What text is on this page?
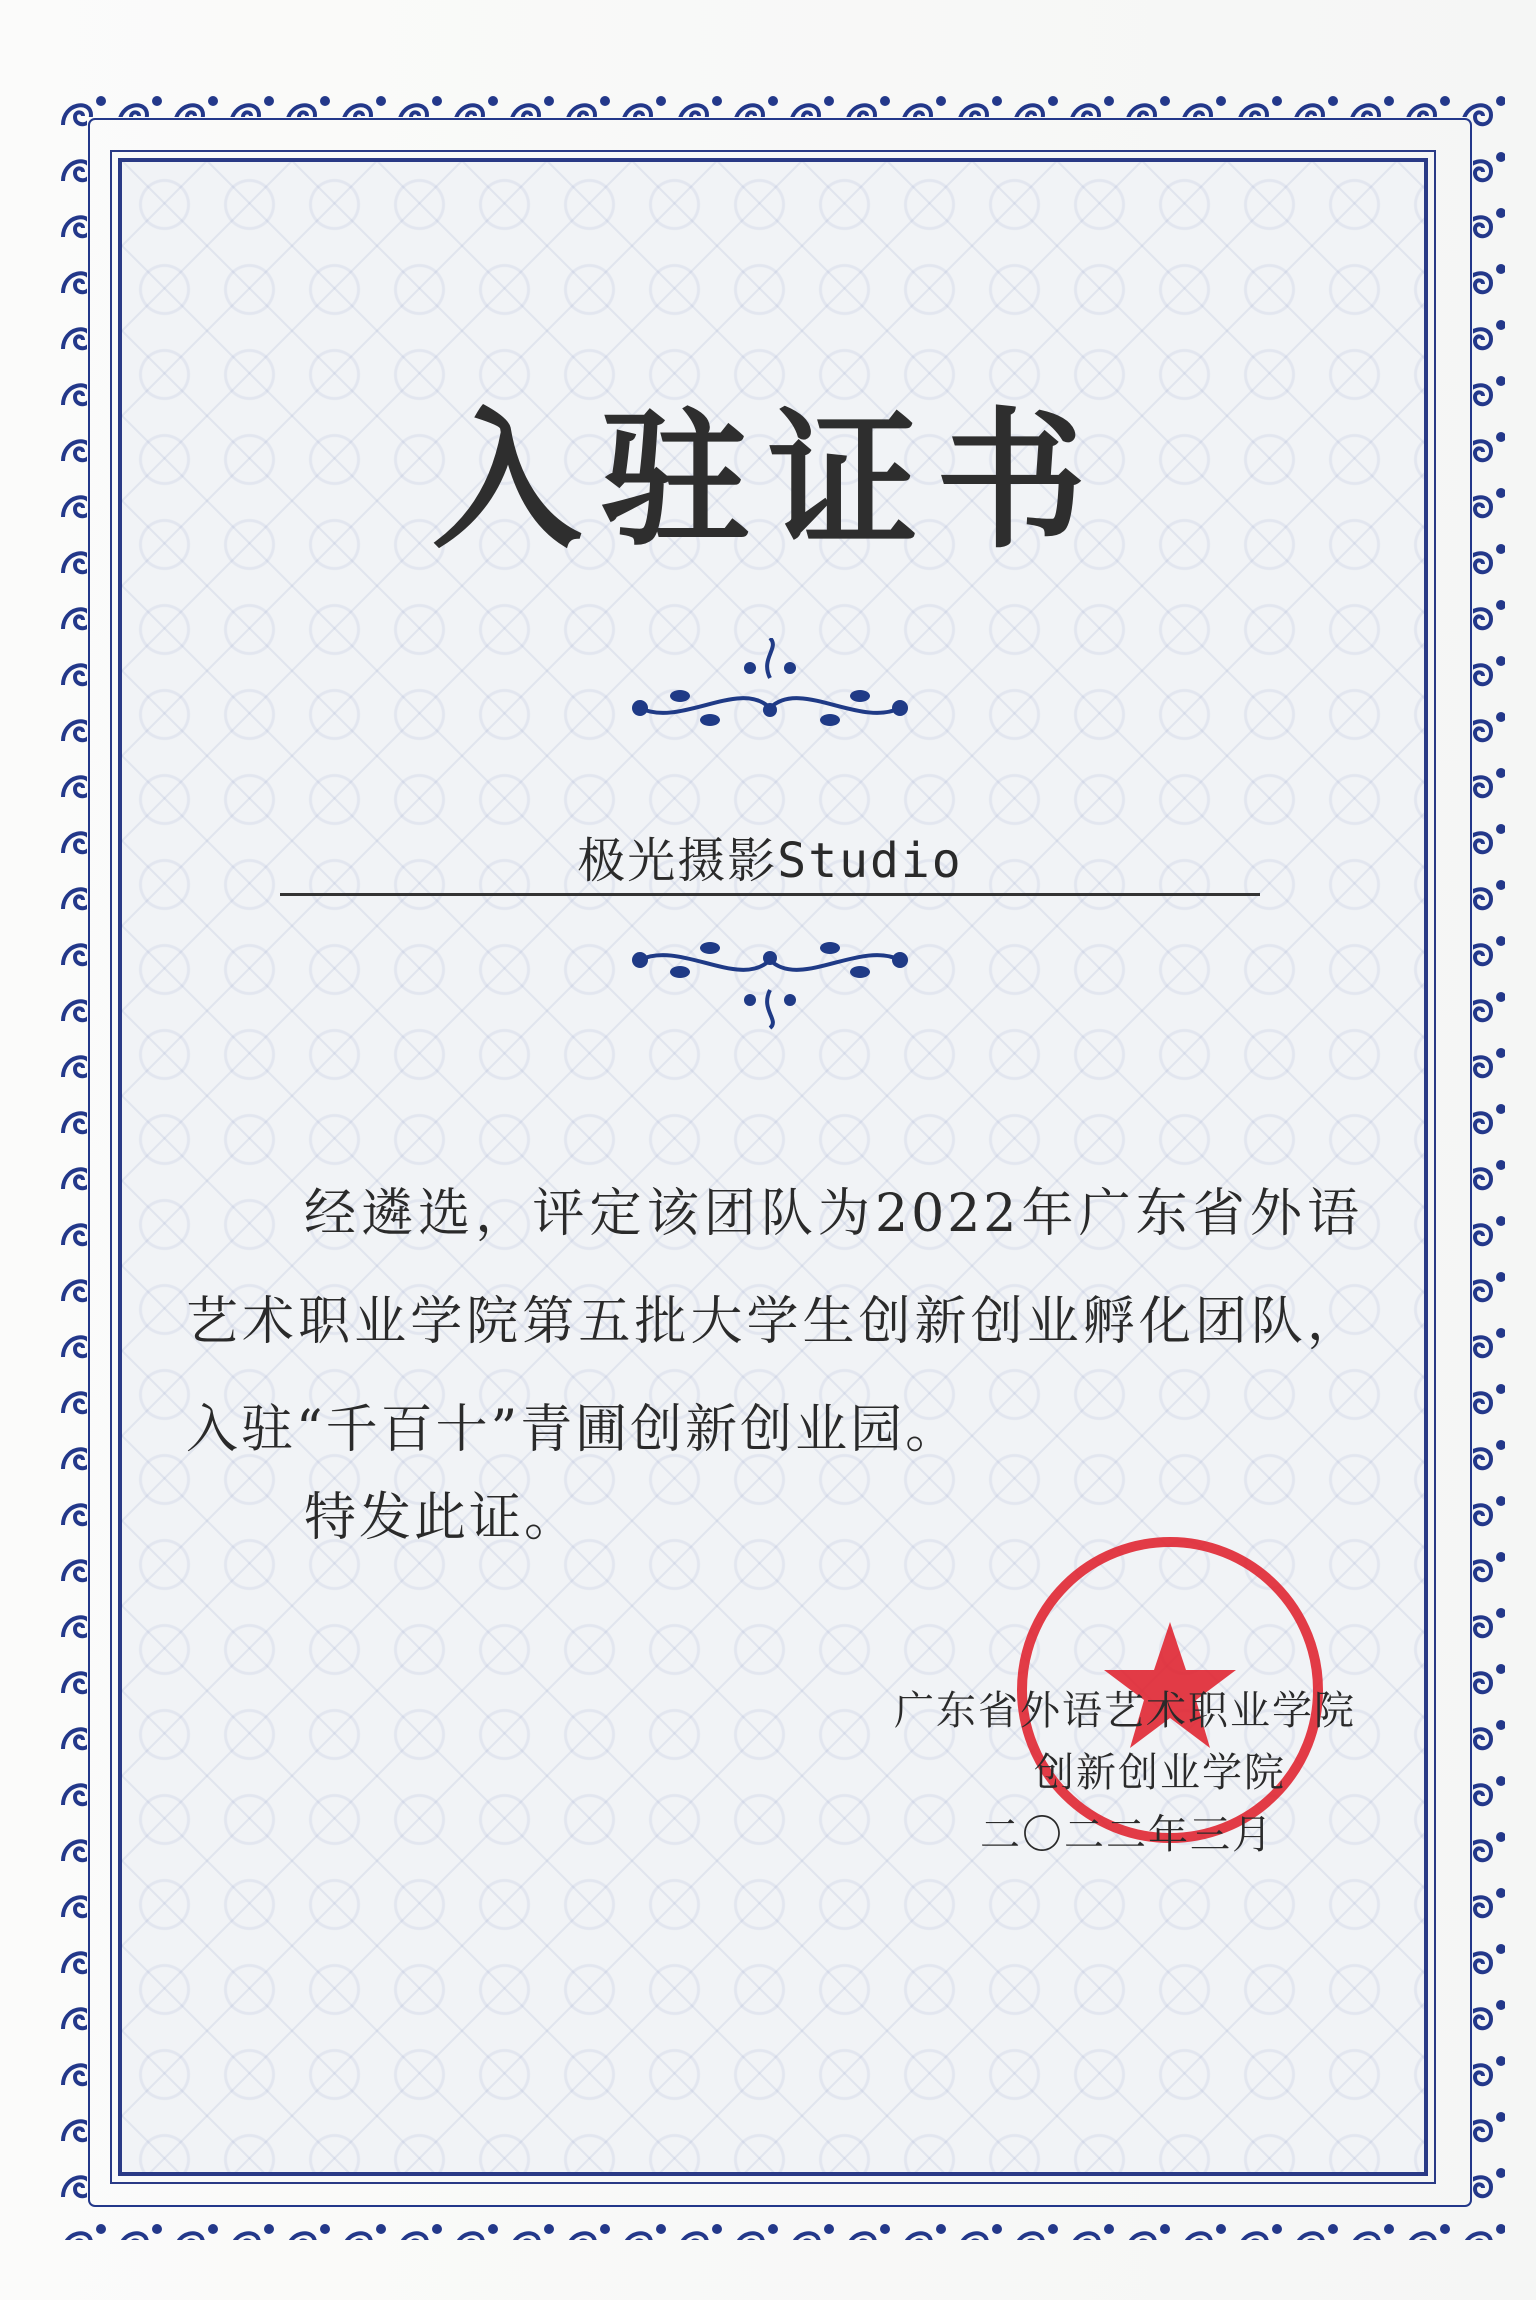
入驻证书
极光摄影Studio
经遴选，评定该团队为2022年广东省外语艺术职业学院第五批大学生创新创业孵化团队，入驻“千百十”青圃创新创业园。
特发此证。
广东省外语艺术职业学院
创新创业学院
二〇二二年三月
